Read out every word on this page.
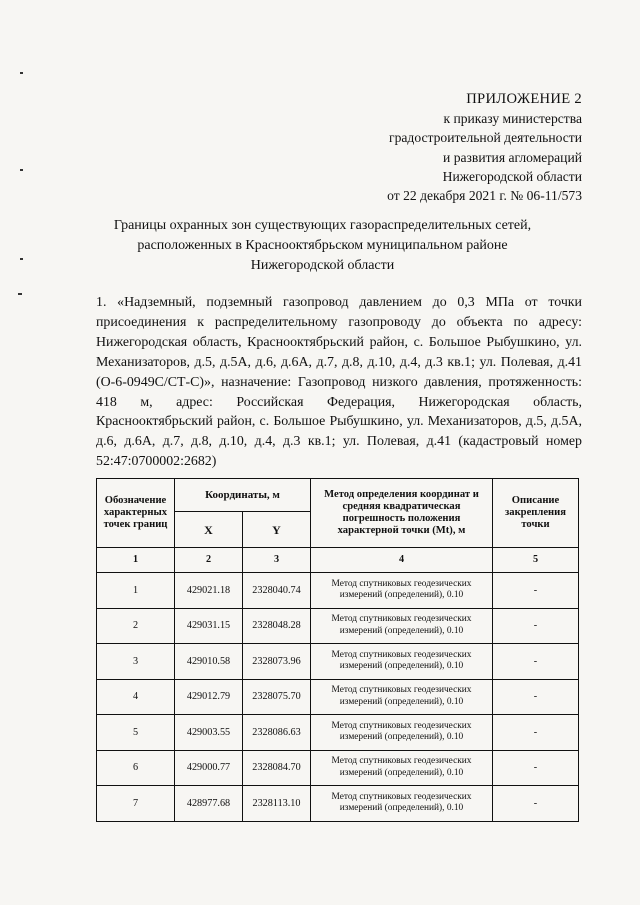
ПРИЛОЖЕНИЕ 2
к приказу министерства
градостроительной деятельности
и развития агломераций
Нижегородской области
от 22 декабря 2021 г. № 06-11/573
Границы охранных зон существующих газораспределительных сетей,
расположенных в Краснооктябрьском муниципальном районе
Нижегородской области
1. «Надземный, подземный газопровод давлением до 0,3 МПа от точки присоединения к распределительному газопроводу до объекта по адресу: Нижегородская область, Краснооктябрьский район, с. Большое Рыбушкино, ул. Механизаторов, д.5, д.5А, д.6, д.6А, д.7, д.8, д.10, д.4, д.3 кв.1; ул. Полевая, д.41 (О-6-0949С/СТ-С)», назначение: Газопровод низкого давления, протяженность: 418 м, адрес: Российская Федерация, Нижегородская область, Краснооктябрьский район, с. Большое Рыбушкино, ул. Механизаторов, д.5, д.5А, д.6, д.6А, д.7, д.8, д.10, д.4, д.3 кв.1; ул. Полевая, д.41 (кадастровый номер 52:47:0700002:2682)
Обозначение характерных точек границ	Координаты, м		Метод определения координат и средняя квадратическая погрешность положения характерной точки (Mt), м	Описание закрепления точки
	X	Y		
1	2	3	4	5
1	429021.18	2328040.74	Метод спутниковых геодезических измерений (определений), 0.10	-
2	429031.15	2328048.28	Метод спутниковых геодезических измерений (определений), 0.10	-
3	429010.58	2328073.96	Метод спутниковых геодезических измерений (определений), 0.10	-
4	429012.79	2328075.70	Метод спутниковых геодезических измерений (определений), 0.10	-
5	429003.55	2328086.63	Метод спутниковых геодезических измерений (определений), 0.10	-
6	429000.77	2328084.70	Метод спутниковых геодезических измерений (определений), 0.10	-
7	428977.68	2328113.10	Метод спутниковых геодезических измерений (определений), 0.10	-
